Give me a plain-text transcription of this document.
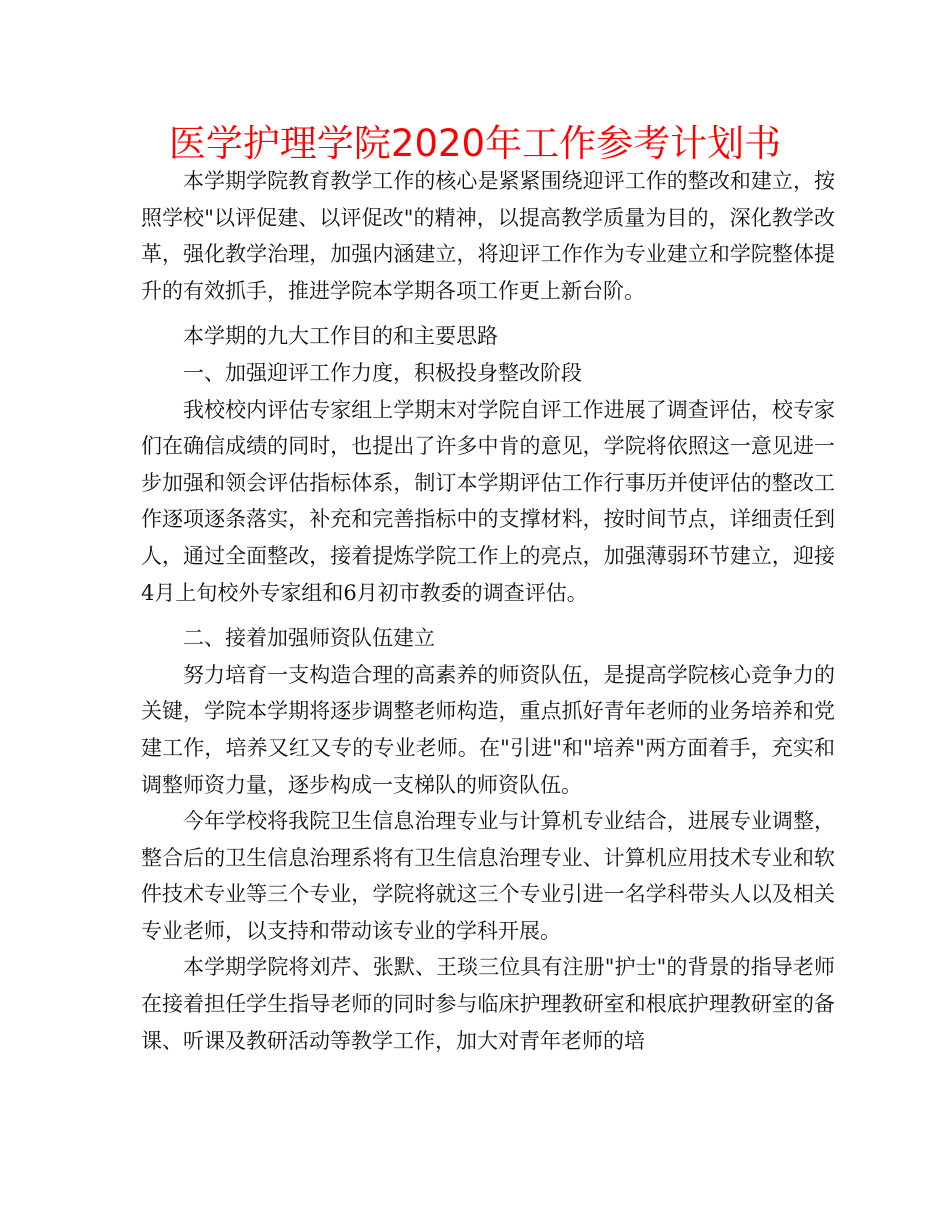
医学护理学院2020年工作参考计划书

本学期学院教育教学工作的核心是紧紧围绕迎评工作的整改和建立，按照学校"以评促建、以评促改"的精神，以提高教学质量为目的，深化教学改革，强化教学治理，加强内涵建立，将迎评工作作为专业建立和学院整体提升的有效抓手，推进学院本学期各项工作更上新台阶。

本学期的九大工作目的和主要思路

一、加强迎评工作力度，积极投身整改阶段

我校校内评估专家组上学期末对学院自评工作进展了调查评估，校专家们在确信成绩的同时，也提出了许多中肯的意见，学院将依照这一意见进一步加强和领会评估指标体系，制订本学期评估工作行事历并使评估的整改工作逐项逐条落实，补充和完善指标中的支撑材料，按时间节点，详细责任到人，通过全面整改，接着提炼学院工作上的亮点，加强薄弱环节建立，迎接4月上旬校外专家组和6月初市教委的调查评估。

二、接着加强师资队伍建立

努力培育一支构造合理的高素养的师资队伍，是提高学院核心竞争力的关键，学院本学期将逐步调整老师构造，重点抓好青年老师的业务培养和党建工作，培养又红又专的专业老师。在"引进"和"培养"两方面着手，充实和调整师资力量，逐步构成一支梯队的师资队伍。

今年学校将我院卫生信息治理专业与计算机专业结合，进展专业调整，整合后的卫生信息治理系将有卫生信息治理专业、计算机应用技术专业和软件技术专业等三个专业，学院将就这三个专业引进一名学科带头人以及相关专业老师，以支持和带动该专业的学科开展。

本学期学院将刘芹、张默、王琰三位具有注册"护士"的背景的指导老师在接着担任学生指导老师的同时参与临床护理教研室和根底护理教研室的备课、听课及教研活动等教学工作，加大对青年老师的培
